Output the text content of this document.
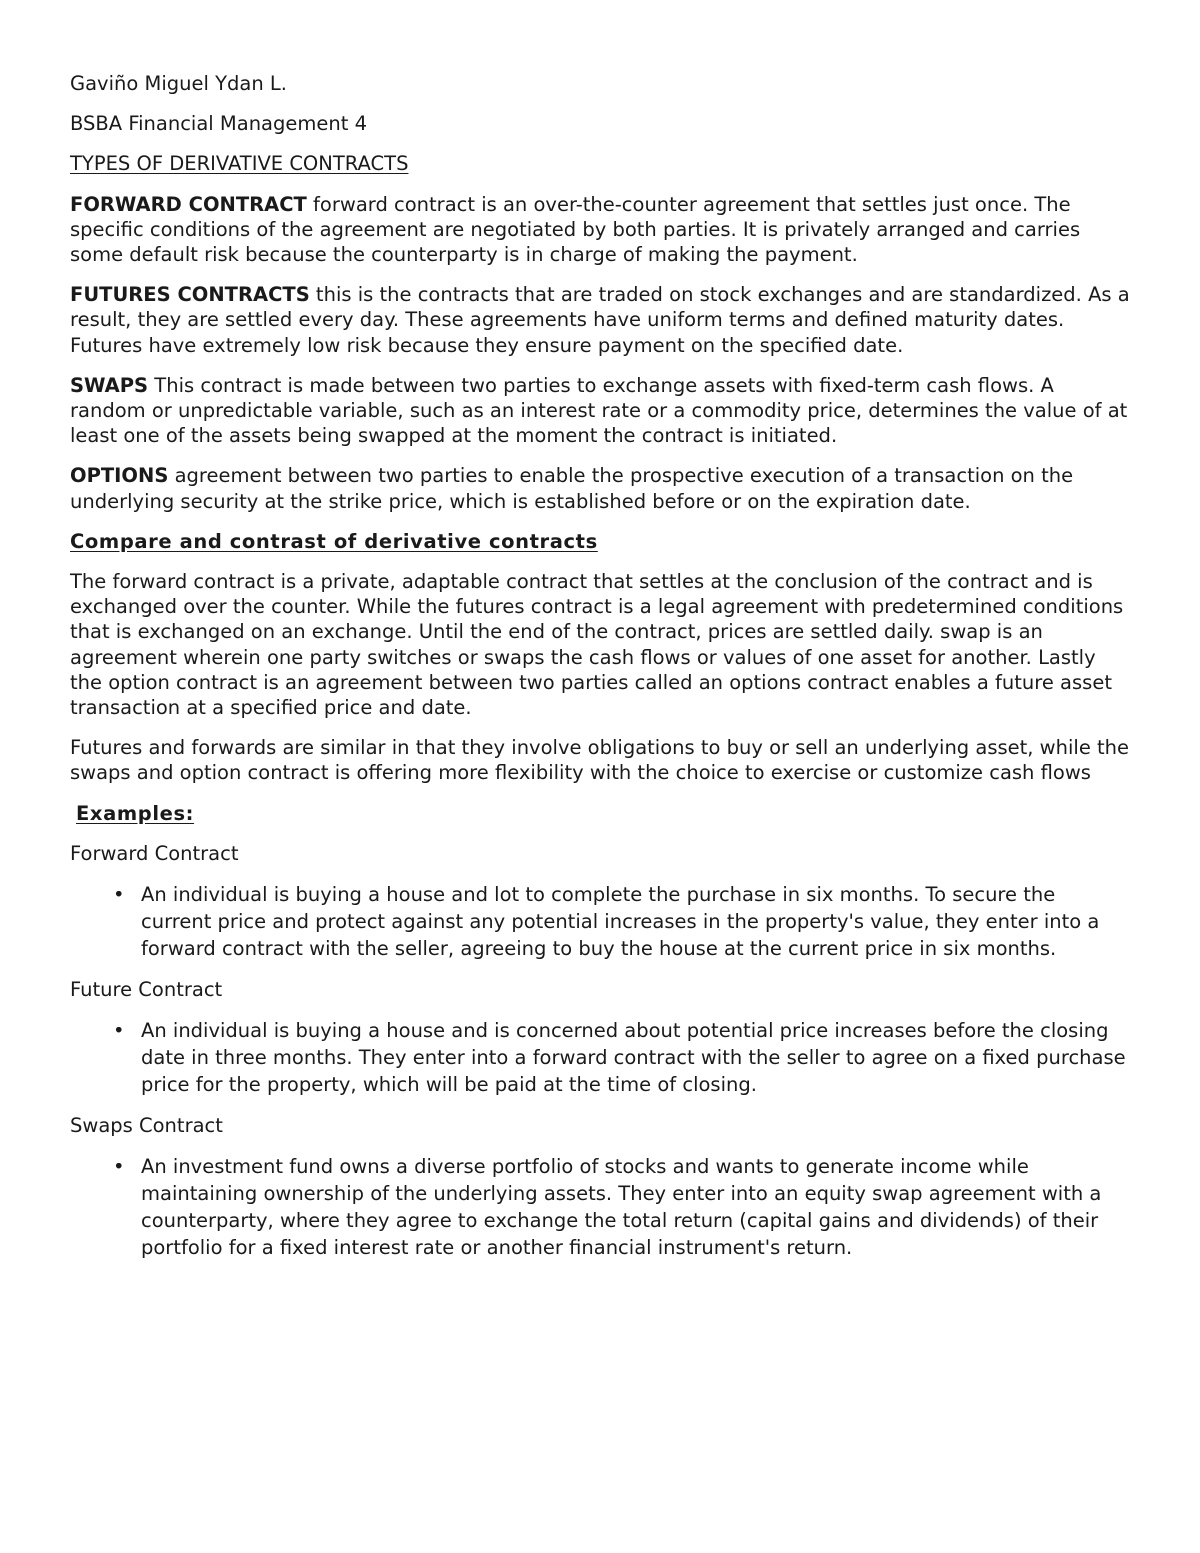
Gaviño Miguel Ydan L.

BSBA Financial Management 4

TYPES OF DERIVATIVE CONTRACTS

FORWARD CONTRACT forward contract is an over-the-counter agreement that settles just once. The specific conditions of the agreement are negotiated by both parties. It is privately arranged and carries some default risk because the counterparty is in charge of making the payment.

FUTURES CONTRACTS this is the contracts that are traded on stock exchanges and are standardized. As a result, they are settled every day. These agreements have uniform terms and defined maturity dates. Futures have extremely low risk because they ensure payment on the specified date.

SWAPS This contract is made between two parties to exchange assets with fixed-term cash flows. A random or unpredictable variable, such as an interest rate or a commodity price, determines the value of at least one of the assets being swapped at the moment the contract is initiated.

OPTIONS agreement between two parties to enable the prospective execution of a transaction on the underlying security at the strike price, which is established before or on the expiration date.

Compare and contrast of derivative contracts

The forward contract is a private, adaptable contract that settles at the conclusion of the contract and is exchanged over the counter. While the futures contract is a legal agreement with predetermined conditions that is exchanged on an exchange. Until the end of the contract, prices are settled daily. swap is an agreement wherein one party switches or swaps the cash flows or values of one asset for another. Lastly the option contract is an agreement between two parties called an options contract enables a future asset transaction at a specified price and date.

Futures and forwards are similar in that they involve obligations to buy or sell an underlying asset, while the swaps and option contract is offering more flexibility with the choice to exercise or customize cash flows

Examples:

Forward Contract

• An individual is buying a house and lot to complete the purchase in six months. To secure the current price and protect against any potential increases in the property's value, they enter into a forward contract with the seller, agreeing to buy the house at the current price in six months.

Future Contract

• An individual is buying a house and is concerned about potential price increases before the closing date in three months. They enter into a forward contract with the seller to agree on a fixed purchase price for the property, which will be paid at the time of closing.

Swaps Contract

• An investment fund owns a diverse portfolio of stocks and wants to generate income while maintaining ownership of the underlying assets. They enter into an equity swap agreement with a counterparty, where they agree to exchange the total return (capital gains and dividends) of their portfolio for a fixed interest rate or another financial instrument's return.
